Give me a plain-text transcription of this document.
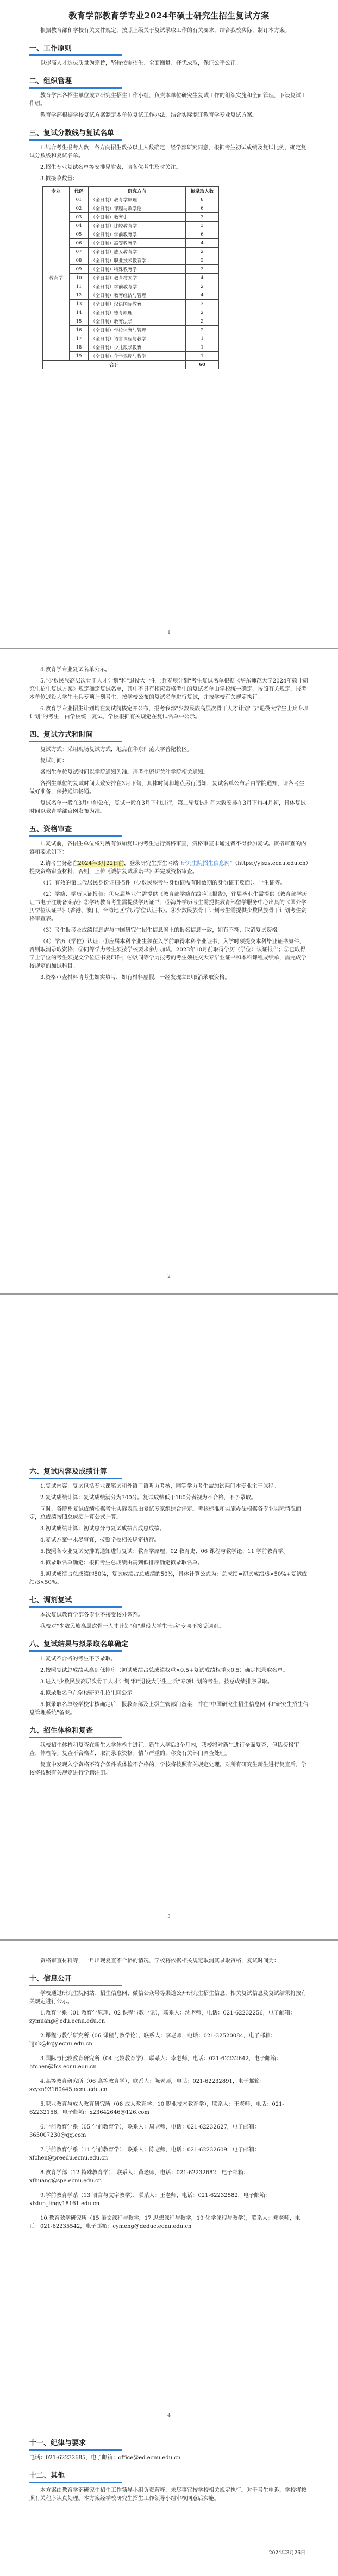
教育学部教育学专业2024年硕士研究生招生复试方案

根据教育部和学校有关文件规定，按照上级关于复试录取工作的有关要求，结合我校实际，制订本方案。

一、工作原则

以提高人才选拔质量为宗旨，坚持按需招生、全面衡量、择优录取，保证公平公正。

二、组织管理

教育学部各招生单位成立研究生招生工作小组，负责本单位研究生复试工作的组织实施和全面管理，下设复试工作组。

教育学部根据学校复试方案制定本单位复试工作办法，结合实际制订教育学专业复试方案。

三、复试分数线与复试名单

1.结合考生报考人数，各方向招生数按以上人数确定，经学部研究同意，根据考生初试成绩及复试比例，确定复试分数线和复试名单。

2.招生专业复试名单等安排见附表，请各位考生及时关注。

3.拟接收数量：

专业	代码	研究方向	拟录取人数
教育学	01	（全日制）教育学原理	8
	02	（全日制）课程与教学论	6
	03	（全日制）教育史	3
	04	（全日制）比较教育学	3
	05	（全日制）学前教育学	6
	06	（全日制）高等教育学	4
	07	（全日制）成人教育学	2
	08	（全日制）职业技术教育学	3
	09	（全日制）特殊教育学	3
	10	（全日制）教育技术学	4
	11	（全日制）学前教育学	2
	12	（全日制）教育经济与管理	4
	13	（全日制）汉语国际教育	3
	14	（全日制）德育原理	2
	15	（全日制）教育法学	2
	16	（全日制）学校体育与管理	2
	17	（全日制）语言课程与教学	1
	18	（全日制）少儿数学教育	1
	19	（全日制）化学课程与教学	1
合计			60
1

4.教育学专业复试名单公示。

5."少数民族高层次骨干人才计划"和"退役大学生士兵专项计划"考生复试名单根据《华东师范大学2024年硕士研究生招生复试方案》规定确定复试名单，其中不具有相应资格考生的复试名单由学校统一确定，按照有关规定，报考本单位退役大学生士兵专项计划考生，按学校公布的复试名单进行复试，并按学校有关规定执行。

6.教育学专业招生计划均在复试前核定并公布，报考我部"少数民族高层次骨干人才计划"与"退役大学生士兵专项计划"的考生，由学校统一复试，学校根据有关规定在复试名单中公示。

四、复试方式和时间

复试方式：采用现场复试方式，地点在华东师范大学普陀校区。

复试时间：

各招生单位复试时间以学院通知为准。请考生密切关注学院相关通知。

各招生单位的复试时间大致安排在3月下旬，具体时间和地点另行通知，复试名单公布后由学院通知，请各考生做好准备，保持通讯畅通。

复试名单一般在3月中旬公布，复试一般在3月下旬进行，第二轮复试时间大致安排在3月下旬-4月初，具体复试时间以教育学部官网发布为准。

五、资格审查

1.复试前，各招生单位将对所有参加复试的考生进行资格审查，资格审查未通过者不得参加复试。资格审查的内容和要求如下：

2.请考生务必在2024年3月22日前，登录研究生招生网站"研究生院招生信息网"（https://yjszs.ecnu.edu.cn）提交资格审查材料；否则，上传《诚信复试承诺书》并完成资格审查。

（1）有效的第二代居民身份证扫描件（少数民族考生身份证需有时效期的身份证正反面）、学生证等。

（2）学籍、学历认证报告：①应届毕业生需提供《教育部学籍在线验证报告》，往届毕业生需提供《教育部学历证书电子注册备案表》②学历教育考生需提供学历证书；③海外学历考生需提供教育部留学服务中心出具的《国外学历学位认证书》（香港、澳门、台湾地区学历学位认证书）。④少数民族骨干计划考生需提供少数民族骨干计划考生资格审查表。

（3）考生报考及成绩信息需与中国研究生招生信息网上的报名信息一致，如有不符，取消复试资格。

（4）学历（学位）认证：①应届本科毕业生须在入学前取得本科毕业证书，入学时须提交本科毕业证书原件，否则取消录取资格；②同等学力考生须按学校要求参加加试，2023年10月前取得学历（学位）认证报告；③已取得学士学位的考生须提交学位证书复印件；④以同等学力报考的考生须提交大专毕业证书和本科课程成绩单，需完成学校规定的加试科目。

3.资格审查材料请考生如实填写，如有材料虚假，一经发现立即取消录取资格。

2
六、复试内容及成绩计算

1.复试内容：复试包括专业课笔试和外语口语听力考核，同等学力考生需加试两门本专业主干课程。

2.复试成绩计算：复试成绩满分为300分。复试成绩低于180分者视为不合格，不予录取。

同时，各院系复试成绩根据考生实际表现由复试专家组综合评定。考核标准和实施办法根据各专业实际情况而定，总成绩按照总成绩计算公式计算。

3.初试成绩计算：初试总分与复试成绩合成总成绩。

4.复试方案中未尽事宜，按照学校相关规定执行。

5.按照各专业复试安排的通知进行复试：教育学原理、02 教育史、06 课程与教学论、11 学前教育学。

4.拟录取名单确定：根据考生总成绩由高到低排序确定拟录取名单。

5.初试成绩占总成绩的50%，复试成绩占总成绩的50%，具体计算公式为：总成绩=初试成绩/5×50%+复试成绩/3×50%。

七、调剂复试

本次复试教育学部各专业不接受校外调剂。

我校对"少数民族高层次骨干人才计划"和"退役大学生士兵"专项不接受调剂。

八、复试结果与拟录取名单确定

1.复试不合格的考生不予录取。

2.按照复试总成绩从高到低排序（初试成绩占总成绩权重×0.5+复试成绩权重×0.5）确定拟录取名单。

3.进入"少数民族高层次骨干人才计划"和"退役大学生士兵"专项计划的考生，按总成绩排序录取。

4.拟录取名单在学校研究生招生网公示。

5.拟录取名单经学校审核确定后，报教育部及上级主管部门备案，并在"中国研究生招生信息网"和"研究生招生信息管理系统"备案。

九、招生体检和复查

我校招生体检和复查在新生入学体检中进行。新生入学后3个月内，我校将对新生进行全面复查，包括资格审查、体检等。复查不合格者，取消录取资格；情节严重的，移交有关部门调查处理。

复查中发现入学资格不符合条件或体检不合格的，学校将按照有关规定处理。对所有研究生新生进行复查后，学校将按照有关规定进行学籍注册。

3

资格审查材料等，一旦出现复查不合格的情况，学校将依据相关规定取消其录取资格，复试时间为：

十、信息公开

学校通过研究生院网站、招生信息网、微信公众号等渠道公开研究生招生信息，相关复试信息及复试结果将按有关规定进行公示。

1.教育学系（01 教育学原理、02 课程与教学论），联系人：沈老师，电话：021-62232256，电子邮箱：zymuang@edu.ecnu.edu.cn

2.课程与教学研究所（06 课程与教学论），联系人：李老师，电话：021-32520084，电子邮箱：lijuk@kcjy.ecnu.edu.cn

3.国际与比较教育研究所（04 比较教育学），联系人：李老师，电话：021-62232642，电子邮箱：hfchen@fcs.ecnu.edu.cn

4.高等教育研究所（06 高等教育学），联系人：陈老师，电话：021-62232891，电子邮箱：szyzn93160445.ecnu.edu.cn

5.职业教育与成人教育研究所（08 成人教育学、10 职业技术教育学），联系人：王老师，电话：021-62232156，电子邮箱：x23642646@126.com

6.学前教育学系（05 学前教育学），联系人：周老师，电话：021-62232627，电子邮箱：365007230@qq.com

7.学前教育学系（11 学前教育学），联系人：陈老师，电话：021-62232609，电子邮箱：xfchen@preedu.ecnu.edu.cn

8.教育学部（12 特殊教育学），联系人：黄老师，电话：021-62232682，电子邮箱：xfhuang@spe.ecnu.edu.cn

9.学前教育学系（13 语言与文字教学），联系人：王老师，电话：021-62232582，电子邮箱：xlzlun_lingy18161.edu.cn

10.教育教学研究所（15 语文课程与教学，17 思想课程与教学，19 化学课程与教学），联系人：郑老师，电话：021-62235542，电子邮箱：cymeng@deduc.ecnu.edu.cn

4
十一、纪律与要求

电话：021-62232685，电子邮箱：office@ed.ecnu.edu.cn

十二、其他

本方案由教育学部研究生招生工作领导小组负责解释，未尽事宜按学校相关规定执行。对于考生申诉，学校将按照有关程序认真处理。本方案经学校研究生招生工作领导小组审核同意后实施。

2024年3月26日
